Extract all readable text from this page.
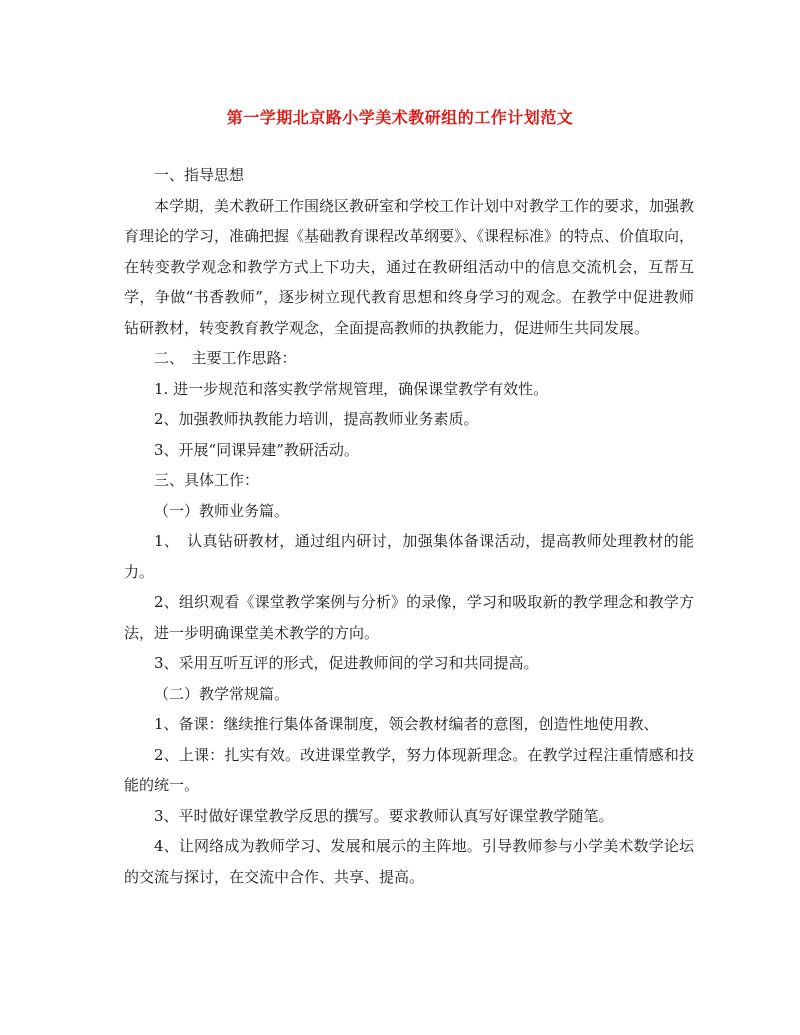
第一学期北京路小学美术教研组的工作计划范文

一、指导思想

本学期，美术教研工作围绕区教研室和学校工作计划中对教学工作的要求，加强教育理论的学习，准确把握《基础教育课程改革纲要》、《课程标准》的特点、价值取向，在转变教学观念和教学方式上下功夫，通过在教研组活动中的信息交流机会，互帮互学，争做“书香教师”，逐步树立现代教育思想和终身学习的观念。在教学中促进教师钻研教材，转变教育教学观念，全面提高教师的执教能力，促进师生共同发展。

二、　主要工作思路：

1. 进一步规范和落实教学常规管理，确保课堂教学有效性。

2、加强教师执教能力培训，提高教师业务素质。

3、开展“同课异建”教研活动。

三、具体工作：

（一）教师业务篇。

1、　认真钻研教材，通过组内研讨，加强集体备课活动，提高教师处理教材的能力。

2、组织观看《课堂教学案例与分析》的录像，学习和吸取新的教学理念和教学方法，进一步明确课堂美术教学的方向。

3、采用互听互评的形式，促进教师间的学习和共同提高。

（二）教学常规篇。

1、备课：继续推行集体备课制度，领会教材编者的意图，创造性地使用教、

2、上课：扎实有效。改进课堂教学，努力体现新理念。在教学过程注重情感和技能的统一。

3、平时做好课堂教学反思的撰写。要求教师认真写好课堂教学随笔。

4、让网络成为教师学习、发展和展示的主阵地。引导教师参与小学美术数学论坛的交流与探讨，在交流中合作、共享、提高。
